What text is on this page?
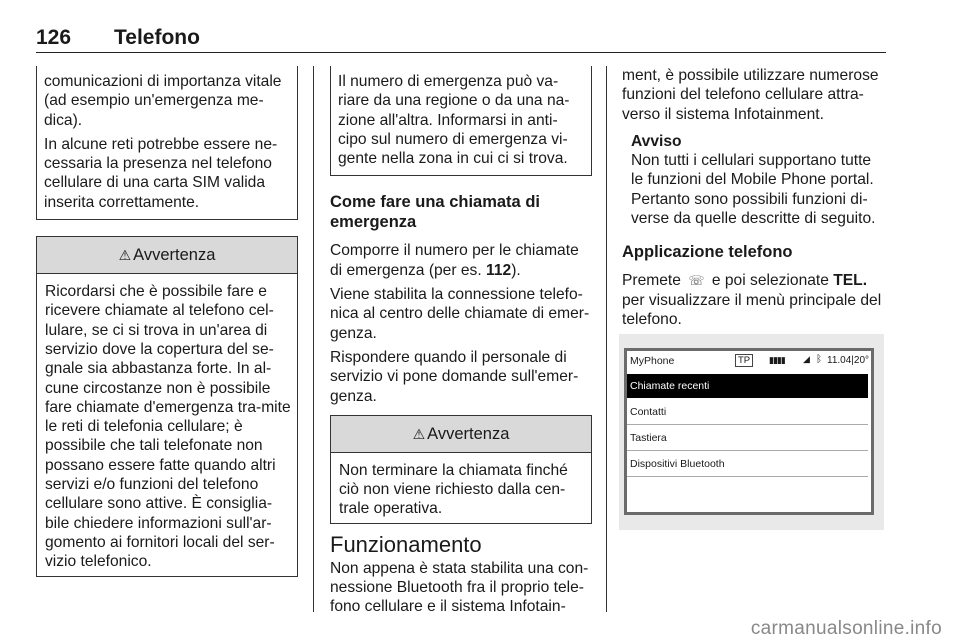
126 Telefono

comunicazioni di importanza vitale (ad esempio un'emergenza me-dica).

In alcune reti potrebbe essere ne-cessaria la presenza nel telefono cellulare di una carta SIM valida inserita correttamente.

⚠ Avvertenza
Ricordarsi che è possibile fare e ricevere chiamate al telefono cel-lulare, se ci si trova in un'area di servizio dove la copertura del se-gnale sia abbastanza forte. In al-cune circostanze non è possibile fare chiamate d'emergenza tra-mite le reti di telefonia cellulare; è possibile che tali telefonate non possano essere fatte quando altri servizi e/o funzioni del telefono cellulare sono attive. È consiglia-bile chiedere informazioni sull'ar-gomento ai fornitori locali del ser-vizio telefonico.

Il numero di emergenza può va-riare da una regione o da una na-zione all'altra. Informarsi in anti-cipo sul numero di emergenza vi-gente nella zona in cui ci si trova.

Come fare una chiamata di emergenza

Comporre il numero per le chiamate di emergenza (per es. 112).

Viene stabilita la connessione telefo-nica al centro delle chiamate di emer-genza.

Rispondere quando il personale di servizio vi pone domande sull'emer-genza.

⚠ Avvertenza
Non terminare la chiamata finché ciò non viene richiesto dalla cen-trale operativa.
Funzionamento

Non appena è stata stabilita una con-nessione Bluetooth fra il proprio tele-fono cellulare e il sistema Infotain-

ment, è possibile utilizzare numerose funzioni del telefono cellulare attra-verso il sistema Infotainment.

Avviso
Non tutti i cellulari supportano tutte le funzioni del Mobile Phone portal. Pertanto sono possibili funzioni di-verse da quelle descritte di seguito.
Applicazione telefono

Premete ☏ e poi selezionate TEL. per visualizzare il menù principale del telefono.

MyPhone	TP	▮▮▮▮ ◢ ᛒ 11.04|20°
Chiamate recenti
Contatti
Tastiera
Dispositivi Bluetooth
carmanualsonline.info
